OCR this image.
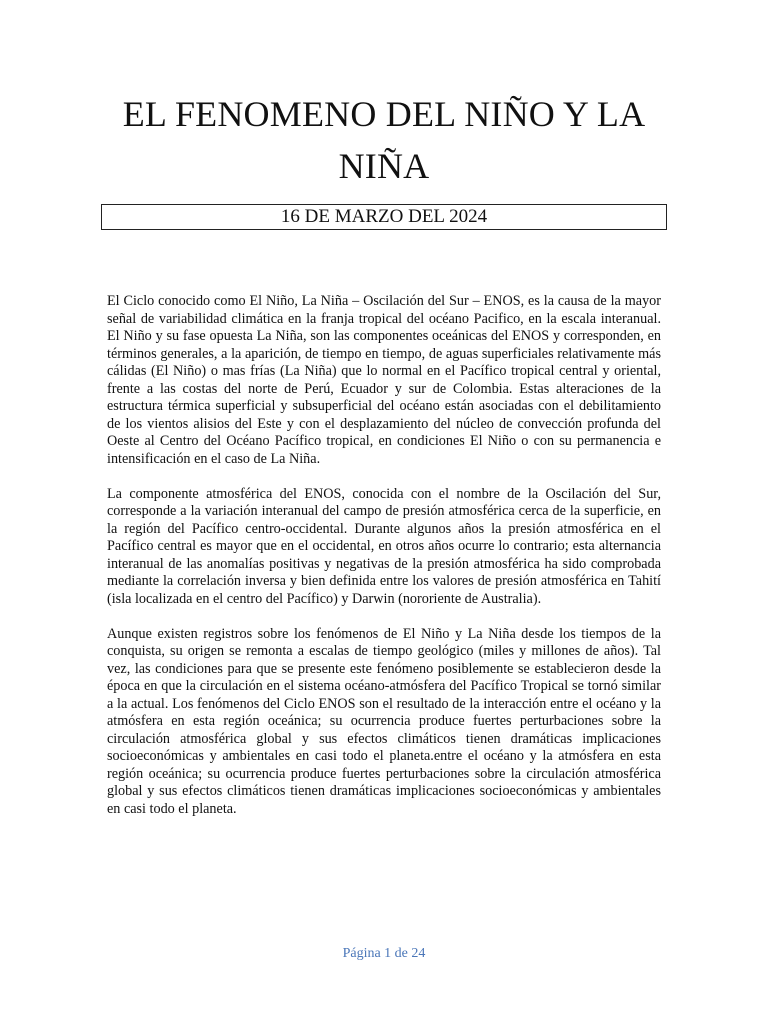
EL FENOMENO DEL NIÑO Y LA NIÑA
16 DE MARZO DEL 2024

El Ciclo conocido como El Niño, La Niña – Oscilación del Sur – ENOS, es la causa de la mayor señal de variabilidad climática en la franja tropical del océano Pacifico, en la escala interanual. El Niño y su fase opuesta La Niña, son las componentes oceánicas del ENOS y corresponden, en términos generales, a la aparición, de tiempo en tiempo, de aguas superficiales relativamente más cálidas (El Niño) o mas frías (La Niña) que lo normal en el Pacífico tropical central y oriental, frente a las costas del norte de Perú, Ecuador y sur de Colombia. Estas alteraciones de la estructura térmica superficial y subsuperficial del océano están asociadas con el debilitamiento de los vientos alisios del Este y con el desplazamiento del núcleo de convección profunda del Oeste al Centro del Océano Pacífico tropical, en condiciones El Niño o con su permanencia e intensificación en el caso de La Niña.

La componente atmosférica del ENOS, conocida con el nombre de la Oscilación del Sur, corresponde a la variación interanual del campo de presión atmosférica cerca de la superficie, en la región del Pacífico centro-occidental. Durante algunos años la presión atmosférica en el Pacífico central es mayor que en el occidental, en otros años ocurre lo contrario; esta alternancia interanual de las anomalías positivas y negativas de la presión atmosférica ha sido comprobada mediante la correlación inversa y bien definida entre los valores de presión atmosférica en Tahití (isla localizada en el centro del Pacífico) y Darwin (nororiente de Australia).

Aunque existen registros sobre los fenómenos de El Niño y La Niña desde los tiempos de la conquista, su origen se remonta a escalas de tiempo geológico (miles y millones de años). Tal vez, las condiciones para que se presente este fenómeno posiblemente se establecieron desde la época en que la circulación en el sistema océano-atmósfera del Pacífico Tropical se tornó similar a la actual. Los fenómenos del Ciclo ENOS son el resultado de la interacción entre el océano y la atmósfera en esta región oceánica; su ocurrencia produce fuertes perturbaciones sobre la circulación atmosférica global y sus efectos climáticos tienen dramáticas implicaciones socioeconómicas y ambientales en casi todo el planeta.entre el océano y la atmósfera en esta región oceánica; su ocurrencia produce fuertes perturbaciones sobre la circulación atmosférica global y sus efectos climáticos tienen dramáticas implicaciones socioeconómicas y ambientales en casi todo el planeta.

Página 1 de 24
